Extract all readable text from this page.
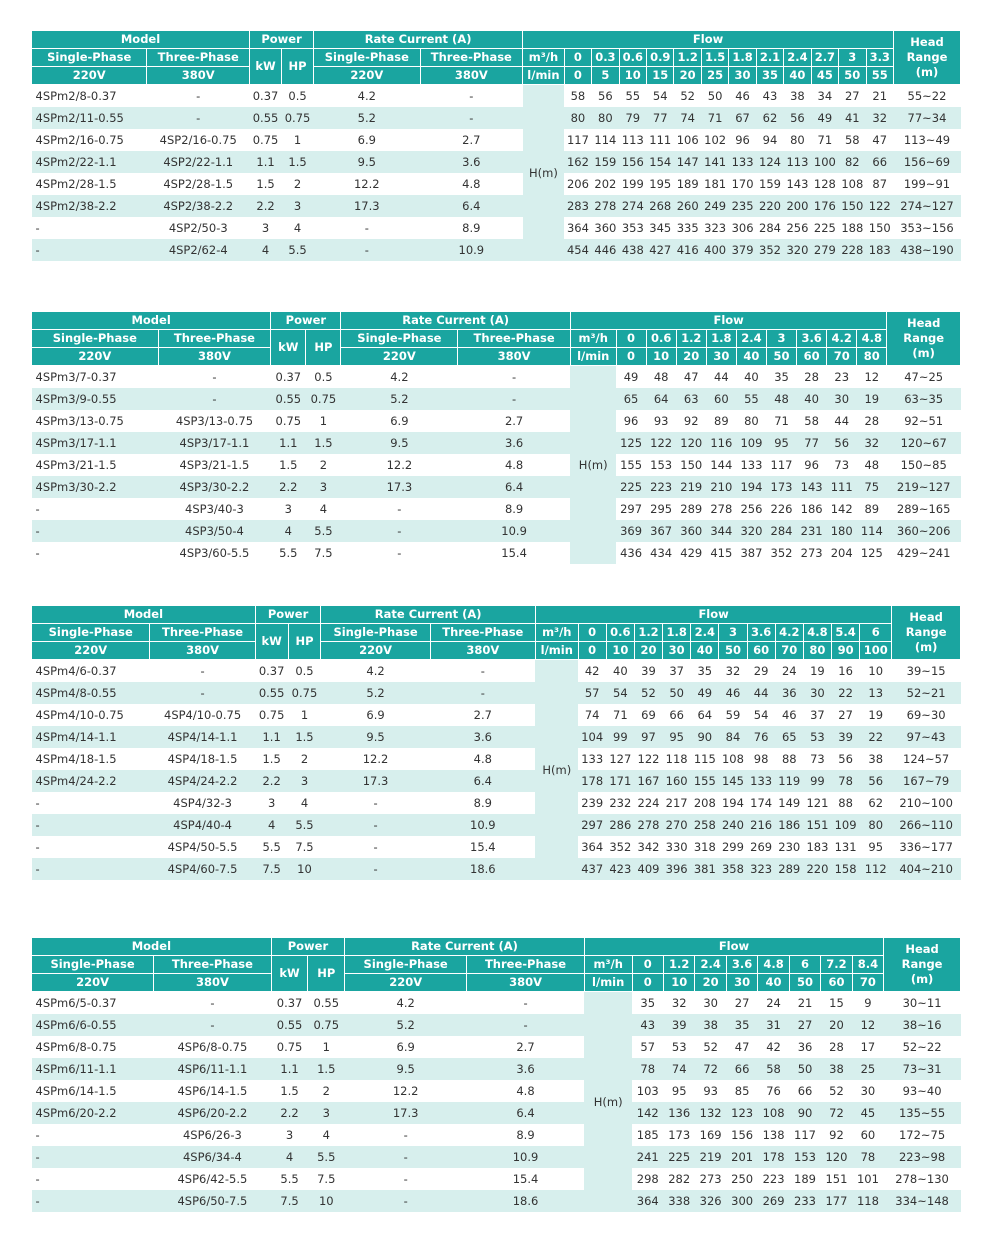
Model		Power		Rate Current (A)		Flow													Head
Range
(m)
Single-Phase	Three-Phase	kW	HP	Single-Phase	Three-Phase	m³/h	0	0.3	0.6	0.9	1.2	1.5	1.8	2.1	2.4	2.7	3	3.3	
220V	380V			220V	380V	l/min	0	5	10	15	20	25	30	35	40	45	50	55	
4SPm2/8-0.37	-	0.37	0.5	4.2	-	H(m)	58	56	55	54	52	50	46	43	38	34	27	21	55~22
4SPm2/11-0.55	-	0.55	0.75	5.2	-		80	80	79	77	74	71	67	62	56	49	41	32	77~34
4SPm2/16-0.75	4SP2/16-0.75	0.75	1	6.9	2.7		117	114	113	111	106	102	96	94	80	71	58	47	113~49
4SPm2/22-1.1	4SP2/22-1.1	1.1	1.5	9.5	3.6		162	159	156	154	147	141	133	124	113	100	82	66	156~69
4SPm2/28-1.5	4SP2/28-1.5	1.5	2	12.2	4.8		206	202	199	195	189	181	170	159	143	128	108	87	199~91
4SPm2/38-2.2	4SP2/38-2.2	2.2	3	17.3	6.4		283	278	274	268	260	249	235	220	200	176	150	122	274~127
-	4SP2/50-3	3	4	-	8.9		364	360	353	345	335	323	306	284	256	225	188	150	353~156
-	4SP2/62-4	4	5.5	-	10.9		454	446	438	427	416	400	379	352	320	279	228	183	438~190
Model		Power		Rate Current (A)		Flow										Head
Range
(m)
Single-Phase	Three-Phase	kW	HP	Single-Phase	Three-Phase	m³/h	0	0.6	1.2	1.8	2.4	3	3.6	4.2	4.8	
220V	380V			220V	380V	l/min	0	10	20	30	40	50	60	70	80	
4SPm3/7-0.37	-	0.37	0.5	4.2	-	H(m)	49	48	47	44	40	35	28	23	12	47~25
4SPm3/9-0.55	-	0.55	0.75	5.2	-		65	64	63	60	55	48	40	30	19	63~35
4SPm3/13-0.75	4SP3/13-0.75	0.75	1	6.9	2.7		96	93	92	89	80	71	58	44	28	92~51
4SPm3/17-1.1	4SP3/17-1.1	1.1	1.5	9.5	3.6		125	122	120	116	109	95	77	56	32	120~67
4SPm3/21-1.5	4SP3/21-1.5	1.5	2	12.2	4.8		155	153	150	144	133	117	96	73	48	150~85
4SPm3/30-2.2	4SP3/30-2.2	2.2	3	17.3	6.4		225	223	219	210	194	173	143	111	75	219~127
-	4SP3/40-3	3	4	-	8.9		297	295	289	278	256	226	186	142	89	289~165
-	4SP3/50-4	4	5.5	-	10.9		369	367	360	344	320	284	231	180	114	360~206
-	4SP3/60-5.5	5.5	7.5	-	15.4		436	434	429	415	387	352	273	204	125	429~241
Model		Power		Rate Current (A)		Flow												Head
Range
(m)
Single-Phase	Three-Phase	kW	HP	Single-Phase	Three-Phase	m³/h	0	0.6	1.2	1.8	2.4	3	3.6	4.2	4.8	5.4	6	
220V	380V			220V	380V	l/min	0	10	20	30	40	50	60	70	80	90	100	
4SPm4/6-0.37	-	0.37	0.5	4.2	-	H(m)	42	40	39	37	35	32	29	24	19	16	10	39~15
4SPm4/8-0.55	-	0.55	0.75	5.2	-		57	54	52	50	49	46	44	36	30	22	13	52~21
4SPm4/10-0.75	4SP4/10-0.75	0.75	1	6.9	2.7		74	71	69	66	64	59	54	46	37	27	19	69~30
4SPm4/14-1.1	4SP4/14-1.1	1.1	1.5	9.5	3.6		104	99	97	95	90	84	76	65	53	39	22	97~43
4SPm4/18-1.5	4SP4/18-1.5	1.5	2	12.2	4.8		133	127	122	118	115	108	98	88	73	56	38	124~57
4SPm4/24-2.2	4SP4/24-2.2	2.2	3	17.3	6.4		178	171	167	160	155	145	133	119	99	78	56	167~79
-	4SP4/32-3	3	4	-	8.9		239	232	224	217	208	194	174	149	121	88	62	210~100
-	4SP4/40-4	4	5.5	-	10.9		297	286	278	270	258	240	216	186	151	109	80	266~110
-	4SP4/50-5.5	5.5	7.5	-	15.4		364	352	342	330	318	299	269	230	183	131	95	336~177
-	4SP4/60-7.5	7.5	10	-	18.6		437	423	409	396	381	358	323	289	220	158	112	404~210
Model		Power		Rate Current (A)		Flow									Head
Range
(m)
Single-Phase	Three-Phase	kW	HP	Single-Phase	Three-Phase	m³/h	0	1.2	2.4	3.6	4.8	6	7.2	8.4	
220V	380V			220V	380V	l/min	0	10	20	30	40	50	60	70	
4SPm6/5-0.37	-	0.37	0.55	4.2	-	H(m)	35	32	30	27	24	21	15	9	30~11
4SPm6/6-0.55	-	0.55	0.75	5.2	-		43	39	38	35	31	27	20	12	38~16
4SPm6/8-0.75	4SP6/8-0.75	0.75	1	6.9	2.7		57	53	52	47	42	36	28	17	52~22
4SPm6/11-1.1	4SP6/11-1.1	1.1	1.5	9.5	3.6		78	74	72	66	58	50	38	25	73~31
4SPm6/14-1.5	4SP6/14-1.5	1.5	2	12.2	4.8		103	95	93	85	76	66	52	30	93~40
4SPm6/20-2.2	4SP6/20-2.2	2.2	3	17.3	6.4		142	136	132	123	108	90	72	45	135~55
-	4SP6/26-3	3	4	-	8.9		185	173	169	156	138	117	92	60	172~75
-	4SP6/34-4	4	5.5	-	10.9		241	225	219	201	178	153	120	78	223~98
-	4SP6/42-5.5	5.5	7.5	-	15.4		298	282	273	250	223	189	151	101	278~130
-	4SP6/50-7.5	7.5	10	-	18.6		364	338	326	300	269	233	177	118	334~148
